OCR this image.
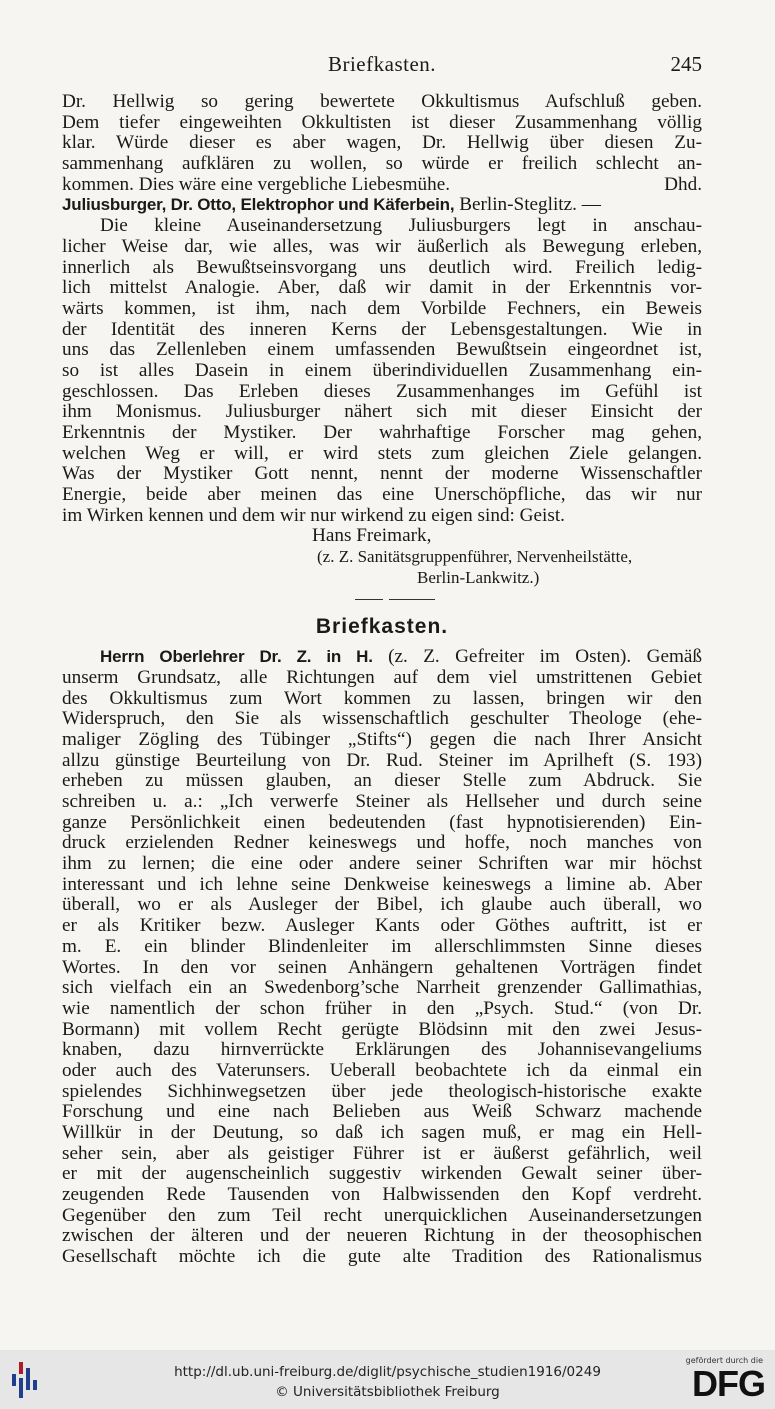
Briefkasten.	245
Dr. Hellwig so gering bewertete Okkultismus Aufschluß geben.
Dem tiefer eingeweihten Okkultisten ist dieser Zusammenhang völlig
klar. Würde dieser es aber wagen, Dr. Hellwig über diesen Zu-
sammenhang aufklären zu wollen, so würde er freilich schlecht an-
kommen. Dies wäre eine vergebliche Liebesmühe.	Dhd.
Juliusburger, Dr. Otto, Elektrophor und Käferbein, Berlin-Steglitz. —
Die kleine Auseinandersetzung Juliusburgers legt in anschau-
licher Weise dar, wie alles, was wir äußerlich als Bewegung erleben,
innerlich als Bewußtseinsvorgang uns deutlich wird. Freilich ledig-
lich mittelst Analogie. Aber, daß wir damit in der Erkenntnis vor-
wärts kommen, ist ihm, nach dem Vorbilde Fechners, ein Beweis
der Identität des inneren Kerns der Lebensgestaltungen. Wie in
uns das Zellenleben einem umfassenden Bewußtsein eingeordnet ist,
so ist alles Dasein in einem überindividuellen Zusammenhang ein-
geschlossen. Das Erleben dieses Zusammenhanges im Gefühl ist
ihm Monismus. Juliusburger nähert sich mit dieser Einsicht der
Erkenntnis der Mystiker. Der wahrhaftige Forscher mag gehen,
welchen Weg er will, er wird stets zum gleichen Ziele gelangen.
Was der Mystiker Gott nennt, nennt der moderne Wissenschaftler
Energie, beide aber meinen das eine Unerschöpfliche, das wir nur
im Wirken kennen und dem wir nur wirkend zu eigen sind: Geist.
Hans Freimark,
(z. Z. Sanitätsgruppenführer, Nervenheilstätte,
Berlin-Lankwitz.)
Briefkasten.
Herrn Oberlehrer Dr. Z. in H. (z. Z. Gefreiter im Osten). Gemäß
unserm Grundsatz, alle Richtungen auf dem viel umstrittenen Gebiet
des Okkultismus zum Wort kommen zu lassen, bringen wir den
Widerspruch, den Sie als wissenschaftlich geschulter Theologe (ehe-
maliger Zögling des Tübinger „Stifts“) gegen die nach Ihrer Ansicht
allzu günstige Beurteilung von Dr. Rud. Steiner im Aprilheft (S. 193)
erheben zu müssen glauben, an dieser Stelle zum Abdruck. Sie
schreiben u. a.: „Ich verwerfe Steiner als Hellseher und durch seine
ganze Persönlichkeit einen bedeutenden (fast hypnotisierenden) Ein-
druck erzielenden Redner keineswegs und hoffe, noch manches von
ihm zu lernen; die eine oder andere seiner Schriften war mir höchst
interessant und ich lehne seine Denkweise keineswegs a limine ab. Aber
überall, wo er als Ausleger der Bibel, ich glaube auch überall, wo
er als Kritiker bezw. Ausleger Kants oder Göthes auftritt, ist er
m. E. ein blinder Blindenleiter im allerschlimmsten Sinne dieses
Wortes. In den vor seinen Anhängern gehaltenen Vorträgen findet
sich vielfach ein an Swedenborg’sche Narrheit grenzender Gallimathias,
wie namentlich der schon früher in den „Psych. Stud.“ (von Dr.
Bormann) mit vollem Recht gerügte Blödsinn mit den zwei Jesus-
knaben, dazu hirnverrückte Erklärungen des Johannisevangeliums
oder auch des Vaterunsers. Ueberall beobachtete ich da einmal ein
spielendes Sichhinwegsetzen über jede theologisch-historische exakte
Forschung und eine nach Belieben aus Weiß Schwarz machende
Willkür in der Deutung, so daß ich sagen muß, er mag ein Hell-
seher sein, aber als geistiger Führer ist er äußerst gefährlich, weil
er mit der augenscheinlich suggestiv wirkenden Gewalt seiner über-
zeugenden Rede Tausenden von Halbwissenden den Kopf verdreht.
Gegenüber den zum Teil recht unerquicklichen Auseinandersetzungen
zwischen der älteren und der neueren Richtung in der theosophischen
Gesellschaft möchte ich die gute alte Tradition des Rationalismus
http://dl.ub.uni-freiburg.de/diglit/psychische_studien1916/0249
© Universitätsbibliothek Freiburg
gefördert durch die
DFG
